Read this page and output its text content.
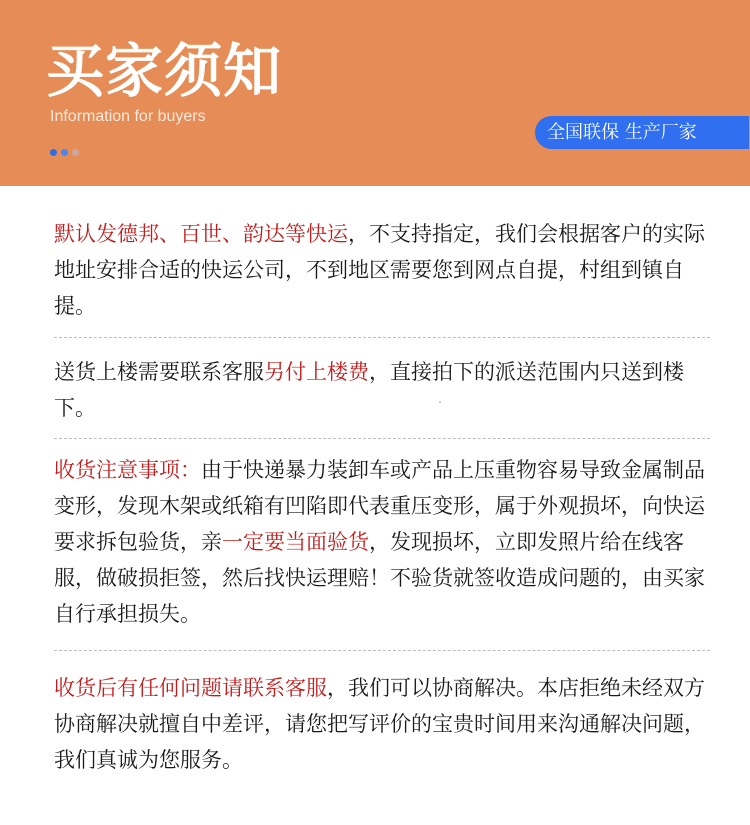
买家须知
Information for buyers
全国联保 生产厂家

默认发德邦、百世、韵达等快运，不支持指定，我们会根据客户的实际地址安排合适的快运公司，不到地区需要您到网点自提，村组到镇自提。

送货上楼需要联系客服另付上楼费，直接拍下的派送范围内只送到楼下。

收货注意事项：由于快递暴力装卸车或产品上压重物容易导致金属制品变形，发现木架或纸箱有凹陷即代表重压变形，属于外观损坏，向快运要求拆包验货，亲一定要当面验货，发现损坏，立即发照片给在线客服，做破损拒签，然后找快运理赔！不验货就签收造成问题的，由买家自行承担损失。

收货后有任何问题请联系客服，我们可以协商解决。本店拒绝未经双方协商解决就擅自中差评，请您把写评价的宝贵时间用来沟通解决问题，我们真诚为您服务。
